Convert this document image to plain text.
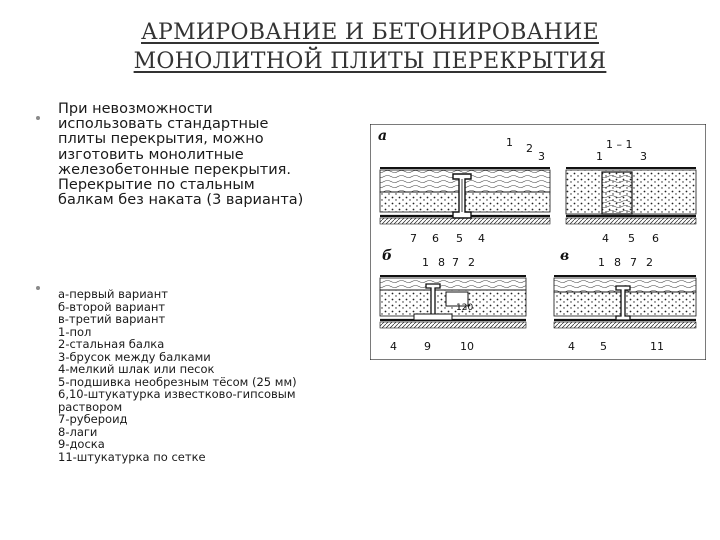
АРМИРОВАНИЕ И БЕТОНИРОВАНИЕ
МОНОЛИТНОЙ ПЛИТЫ ПЕРЕКРЫТИЯ
При невозможности
использовать стандартные
плиты перекрытия, можно
изготовить монолитные
железобетонные перекрытия.
Перекрытие по стальным
балкам без наката (3 варианта)
а-первый вариант
б-второй вариант
в-третий вариант
1-пол
2-стальная балка
3-брусок между балками
4-мелкий шлак или песок
5-подшивка необрезным тёсом (25 мм)
6,10-штукатурка известково-гипсовым
раствором
7-рубероид
8-лаги
9-доска
11-штукатурка по сетке
а
б	в
1 – 1
120
1 2
3
7 6 5 4
1	3
4 5 6
1 8 7 2
4 9	10
1 8 7 2
4 5	11
